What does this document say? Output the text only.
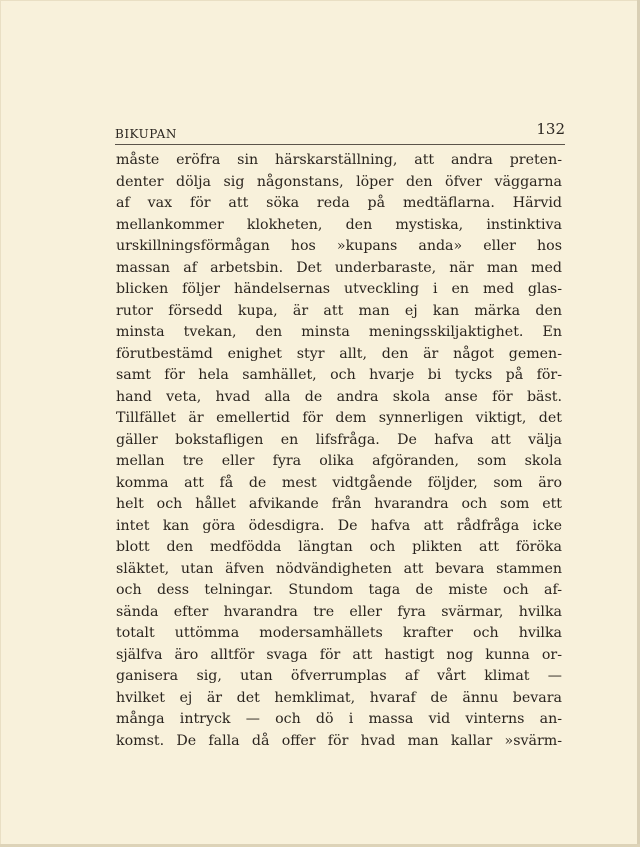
BIKUPAN	132
måste eröfra sin härskarställning, att andra preten-
denter dölja sig någonstans, löper den öfver väggarna
af vax för att söka reda på medtäflarna. Härvid
mellankommer klokheten, den mystiska, instinktiva
urskillningsförmågan hos »kupans anda» eller hos
massan af arbetsbin. Det underbaraste, när man med
blicken följer händelsernas utveckling i en med glas-
rutor försedd kupa, är att man ej kan märka den
minsta tvekan, den minsta meningsskiljaktighet. En
förutbestämd enighet styr allt, den är något gemen-
samt för hela samhället, och hvarje bi tycks på för-
hand veta, hvad alla de andra skola anse för bäst.
Tillfället är emellertid för dem synnerligen viktigt, det
gäller bokstafligen en lifsfråga. De hafva att välja
mellan tre eller fyra olika afgöranden, som skola
komma att få de mest vidtgående följder, som äro
helt och hållet afvikande från hvarandra och som ett
intet kan göra ödesdigra. De hafva att rådfråga icke
blott den medfödda längtan och plikten att föröka
släktet, utan äfven nödvändigheten att bevara stammen
och dess telningar. Stundom taga de miste och af-
sända efter hvarandra tre eller fyra svärmar, hvilka
totalt uttömma modersamhällets krafter och hvilka
själfva äro alltför svaga för att hastigt nog kunna or-
ganisera sig, utan öfverrumplas af vårt klimat —
hvilket ej är det hemklimat, hvaraf de ännu bevara
många intryck — och dö i massa vid vinterns an-
komst. De falla då offer för hvad man kallar »svärm-
